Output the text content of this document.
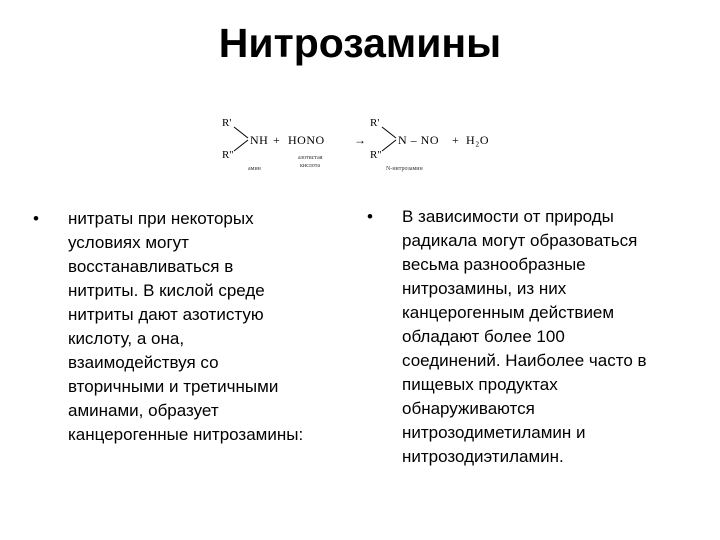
Нитрозамины
R'
R''
NH + HONO →
R'
R''
N – NO + H₂O
амин
азотистая
кислота	N-нитрозамин
•	нитраты при некоторых
условиях могут
восстанавливаться в
нитриты. В кислой среде
нитриты дают азотистую
кислоту, а она,
взаимодействуя со
вторичными и третичными
аминами, образует
канцерогенные нитрозамины:
•	В зависимости от природы
радикала могут образоваться
весьма разнообразные
нитрозамины, из них
канцерогенным действием
обладают более 100
соединений. Наиболее часто в
пищевых продуктах
обнаруживаются
нитрозодиметиламин и
нитрозодиэтиламин.
